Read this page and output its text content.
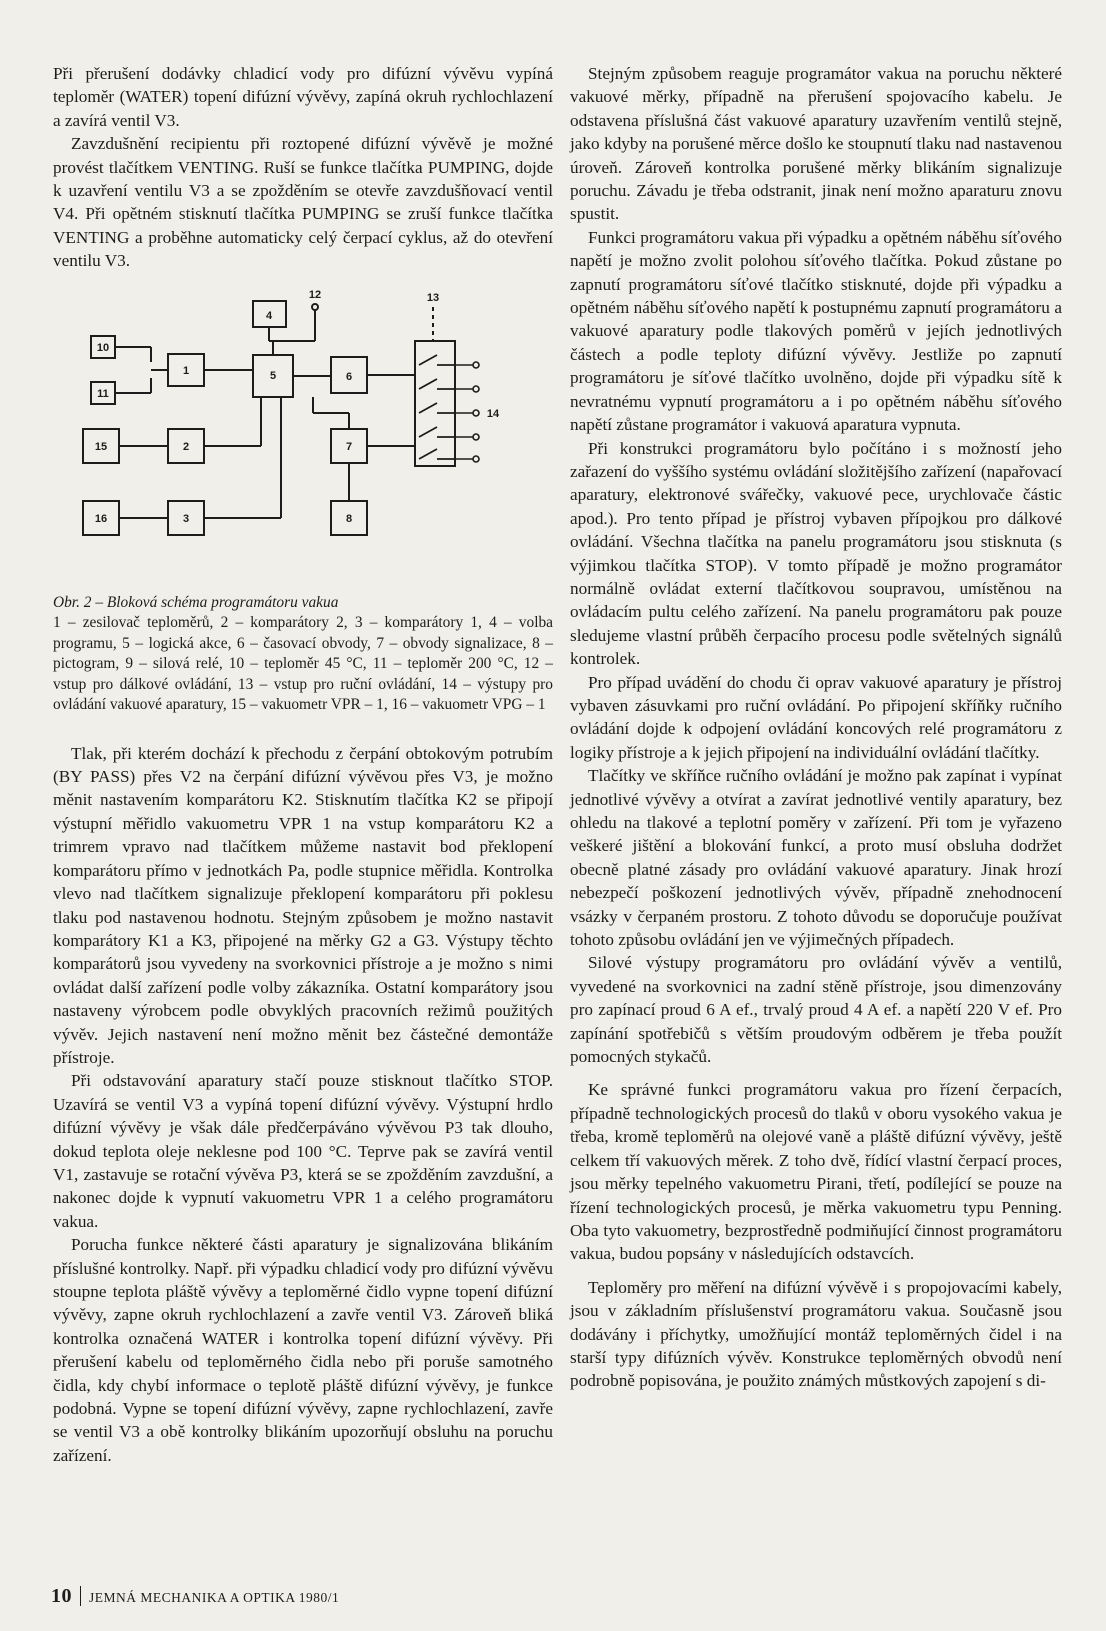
Při přerušení dodávky chladicí vody pro difúzní vývěvu vypíná teploměr (WATER) topení difúzní vývěvy, zapíná okruh rychlochlazení a zavírá ventil V3.

Zavzdušnění recipientu při roztopené difúzní vývěvě je možné provést tlačítkem VENTING. Ruší se funkce tlačítka PUMPING, dojde k uzavření ventilu V3 a se zpožděním se otevře zavzdušňovací ventil V4. Při opětném stisknutí tlačítka PUMPING se zruší funkce tlačítka VENTING a proběhne automaticky celý čerpací cyklus, až do otevření ventilu V3.

4
12
10
11
1	5	6
15	2
16	3
7
8
13
14
Obr. 2 – Bloková schéma programátoru vakua
1 – zesilovač teploměrů, 2 – komparátory 2, 3 – komparátory 1, 4 – volba programu, 5 – logická akce, 6 – časovací obvody, 7 – obvody signalizace, 8 – pictogram, 9 – silová relé, 10 – teploměr 45 °C, 11 – teploměr 200 °C, 12 – vstup pro dálkové ovládání, 13 – vstup pro ruční ovládání, 14 – výstupy pro ovládání vakuové aparatury, 15 – vakuometr VPR – 1, 16 – vakuometr VPG – 1

Tlak, při kterém dochází k přechodu z čerpání obtokovým potrubím (BY PASS) přes V2 na čerpání difúzní vývěvou přes V3, je možno měnit nastavením komparátoru K2. Stisknutím tlačítka K2 se připojí výstupní měřidlo vakuometru VPR 1 na vstup komparátoru K2 a trimrem vpravo nad tlačítkem můžeme nastavit bod překlopení komparátoru přímo v jednotkách Pa, podle stupnice měřidla. Kontrolka vlevo nad tlačítkem signalizuje překlopení komparátoru při poklesu tlaku pod nastavenou hodnotu. Stejným způsobem je možno nastavit komparátory K1 a K3, připojené na měrky G2 a G3. Výstupy těchto komparátorů jsou vyvedeny na svorkovnici přístroje a je možno s nimi ovládat další zařízení podle volby zákazníka. Ostatní komparátory jsou nastaveny výrobcem podle obvyklých pracovních režimů použitých vývěv. Jejich nastavení není možno měnit bez částečné demontáže přístroje.

Při odstavování aparatury stačí pouze stisknout tlačítko STOP. Uzavírá se ventil V3 a vypíná topení difúzní vývěvy. Výstupní hrdlo difúzní vývěvy je však dále předčerpáváno vývěvou P3 tak dlouho, dokud teplota oleje neklesne pod 100 °C. Teprve pak se zavírá ventil V1, zastavuje se rotační vývěva P3, která se se zpožděním zavzdušní, a nakonec dojde k vypnutí vakuometru VPR 1 a celého programátoru vakua.

Porucha funkce některé části aparatury je signalizována blikáním příslušné kontrolky. Např. při výpadku chladicí vody pro difúzní vývěvu stoupne teplota pláště vývěvy a teploměrné čidlo vypne topení difúzní vývěvy, zapne okruh rychlochlazení a zavře ventil V3. Zároveň bliká kontrolka označená WATER i kontrolka topení difúzní vývěvy. Při přerušení kabelu od teploměrného čidla nebo při poruše samotného čidla, kdy chybí informace o teplotě pláště difúzní vývěvy, je funkce podobná. Vypne se topení difúzní vývěvy, zapne rychlochlazení, zavře se ventil V3 a obě kontrolky blikáním upozorňují obsluhu na poruchu zařízení.

Stejným způsobem reaguje programátor vakua na poruchu některé vakuové měrky, případně na přerušení spojovacího kabelu. Je odstavena příslušná část vakuové aparatury uzavřením ventilů stejně, jako kdyby na porušené měrce došlo ke stoupnutí tlaku nad nastavenou úroveň. Zároveň kontrolka porušené měrky blikáním signalizuje poruchu. Závadu je třeba odstranit, jinak není možno aparaturu znovu spustit.

Funkci programátoru vakua při výpadku a opětném náběhu síťového napětí je možno zvolit polohou síťového tlačítka. Pokud zůstane po zapnutí programátoru síťové tlačítko stisknuté, dojde při výpadku a opětném náběhu síťového napětí k postupnému zapnutí programátoru a vakuové aparatury podle tlakových poměrů v jejích jednotlivých částech a podle teploty difúzní vývěvy. Jestliže po zapnutí programátoru je síťové tlačítko uvolněno, dojde při výpadku sítě k nevratnému vypnutí programátoru a i po opětném náběhu síťového napětí zůstane programátor i vakuová aparatura vypnuta.

Při konstrukci programátoru bylo počítáno i s možností jeho zařazení do vyššího systému ovládání složitějšího zařízení (napařovací aparatury, elektronové svářečky, vakuové pece, urychlovače částic apod.). Pro tento případ je přístroj vybaven přípojkou pro dálkové ovládání. Všechna tlačítka na panelu programátoru jsou stisknuta (s výjimkou tlačítka STOP). V tomto případě je možno programátor normálně ovládat externí tlačítkovou soupravou, umístěnou na ovládacím pultu celého zařízení. Na panelu programátoru pak pouze sledujeme vlastní průběh čerpacího procesu podle světelných signálů kontrolek.

Pro případ uvádění do chodu či oprav vakuové aparatury je přístroj vybaven zásuvkami pro ruční ovládání. Po připojení skříňky ručního ovládání dojde k odpojení ovládání koncových relé programátoru z logiky přístroje a k jejich připojení na individuální ovládání tlačítky.

Tlačítky ve skříňce ručního ovládání je možno pak zapínat i vypínat jednotlivé vývěvy a otvírat a zavírat jednotlivé ventily aparatury, bez ohledu na tlakové a teplotní poměry v zařízení. Při tom je vyřazeno veškeré jištění a blokování funkcí, a proto musí obsluha dodržet obecně platné zásady pro ovládání vakuové aparatury. Jinak hrozí nebezpečí poškození jednotlivých vývěv, případně znehodnocení vsázky v čerpaném prostoru. Z tohoto důvodu se doporučuje používat tohoto způsobu ovládání jen ve výjimečných případech.

Silové výstupy programátoru pro ovládání vývěv a ventilů, vyvedené na svorkovnici na zadní stěně přístroje, jsou dimenzovány pro zapínací proud 6 A ef., trvalý proud 4 A ef. a napětí 220 V ef. Pro zapínání spotřebičů s větším proudovým odběrem je třeba použít pomocných stykačů.

Ke správné funkci programátoru vakua pro řízení čerpacích, případně technologických procesů do tlaků v oboru vysokého vakua je třeba, kromě teploměrů na olejové vaně a pláště difúzní vývěvy, ještě celkem tří vakuových měrek. Z toho dvě, řídící vlastní čerpací proces, jsou měrky tepelného vakuometru Pirani, třetí, podílející se pouze na řízení technologických procesů, je měrka vakuometru typu Penning. Oba tyto vakuometry, bezprostředně podmiňující činnost programátoru vakua, budou popsány v následujících odstavcích.

Teploměry pro měření na difúzní vývěvě i s propojovacími kabely, jsou v základním příslušenství programátoru vakua. Současně jsou dodávány i příchytky, umožňující montáž teploměrných čidel i na starší typy difúzních vývěv. Konstrukce teploměrných obvodů není podrobně popisována, je použito známých můstkových zapojení s di-

10 JEMNÁ MECHANIKA A OPTIKA 1980/1
